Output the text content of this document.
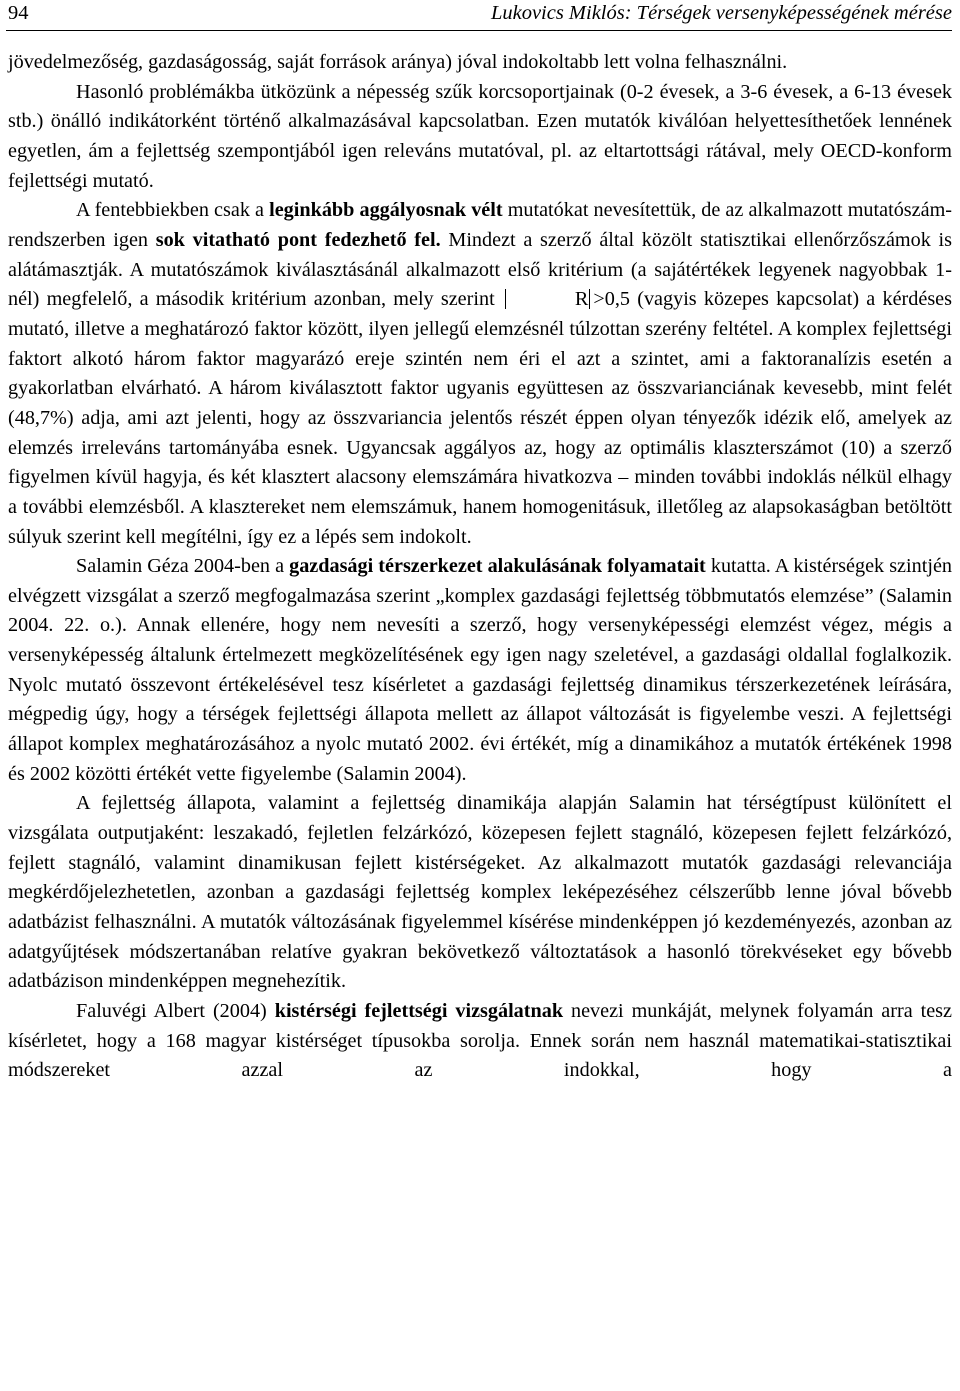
94	Lukovics Miklós: Térségek versenyképességének mérése

jövedelmezőség, gazdaságosság, saját források aránya) jóval indokoltabb lett volna felhasználni.

Hasonló problémákba ütközünk a népesség szűk korcsoportjainak (0-2 évesek, a 3-6 évesek, a 6-13 évesek stb.) önálló indikátorként történő alkalmazásával kapcsolatban. Ezen mutatók kiválóan helyettesíthetőek lennének egyetlen, ám a fejlettség szempontjából igen releváns mutatóval, pl. az eltartottsági rátával, mely OECD-konform fejlettségi mutató.

A fentebbiekben csak a leginkább aggályosnak vélt mutatókat nevesítettük, de az alkalmazott mutatószám-rendszerben igen sok vitatható pont fedezhető fel. Mindezt a szerző által közölt statisztikai ellenőrzőszámok is alátámasztják. A mutatószámok kiválasztásánál alkalmazott első kritérium (a sajátértékek legyenek nagyobbak 1-nél) megfelelő, a második kritérium azonban, mely szerint	R >0,5 (vagyis közepes kapcsolat) a kérdéses mutató, illetve a meghatározó faktor között, ilyen jellegű elemzésnél túlzottan szerény feltétel. A komplex fejlettségi faktort alkotó három faktor magyarázó ereje szintén nem éri el azt a szintet, ami a faktoranalízis esetén a gyakorlatban elvárható. A három kiválasztott faktor ugyanis együttesen az összvarianciának kevesebb, mint felét (48,7%) adja, ami azt jelenti, hogy az összvariancia jelentős részét éppen olyan tényezők idézik elő, amelyek az elemzés irreleváns tartományába esnek. Ugyancsak aggályos az, hogy az optimális klaszterszámot (10) a szerző figyelmen kívül hagyja, és két klasztert alacsony elemszámára hivatkozva – minden további indoklás nélkül elhagy a további elemzésből. A klasztereket nem elemszámuk, hanem homogenitásuk, illetőleg az alapsokaságban betöltött súlyuk szerint kell megítélni, így ez a lépés sem indokolt.

Salamin Géza 2004-ben a gazdasági térszerkezet alakulásának folyamatait kutatta. A kistérségek szintjén elvégzett vizsgálat a szerző megfogalmazása szerint „komplex gazdasági fejlettség többmutatós elemzése” (Salamin 2004. 22. o.). Annak ellenére, hogy nem nevesíti a szerző, hogy versenyképességi elemzést végez, mégis a versenyképesség általunk értelmezett megközelítésének egy igen nagy szeletével, a gazdasági oldallal foglalkozik. Nyolc mutató összevont értékelésével tesz kísérletet a gazdasági fejlettség dinamikus térszerkezetének leírására, mégpedig úgy, hogy a térségek fejlettségi állapota mellett az állapot változását is figyelembe veszi. A fejlettségi állapot komplex meghatározásához a nyolc mutató 2002. évi értékét, míg a dinamikához a mutatók értékének 1998 és 2002 közötti értékét vette figyelembe (Salamin 2004).

A fejlettség állapota, valamint a fejlettség dinamikája alapján Salamin hat térségtípust különített el vizsgálata outputjaként: leszakadó, fejletlen felzárkózó, közepesen fejlett stagnáló, közepesen fejlett felzárkózó, fejlett stagnáló, valamint dinamikusan fejlett kistérségeket. Az alkalmazott mutatók gazdasági relevanciája megkérdőjelezhetetlen, azonban a gazdasági fejlettség komplex leképezéséhez célszerűbb lenne jóval bővebb adatbázist felhasználni. A mutatók változásának figyelemmel kísérése mindenképpen jó kezdeményezés, azonban az adatgyűjtések módszertanában relatíve gyakran bekövetkező változtatások a hasonló törekvéseket egy bővebb adatbázison mindenképpen megnehezítik.

Faluvégi Albert (2004) kistérségi fejlettségi vizsgálatnak nevezi munkáját, melynek folyamán arra tesz kísérletet, hogy a 168 magyar kistérséget típusokba sorolja. Ennek során nem használ matematikai-statisztikai módszereket azzal az indokkal, hogy a
